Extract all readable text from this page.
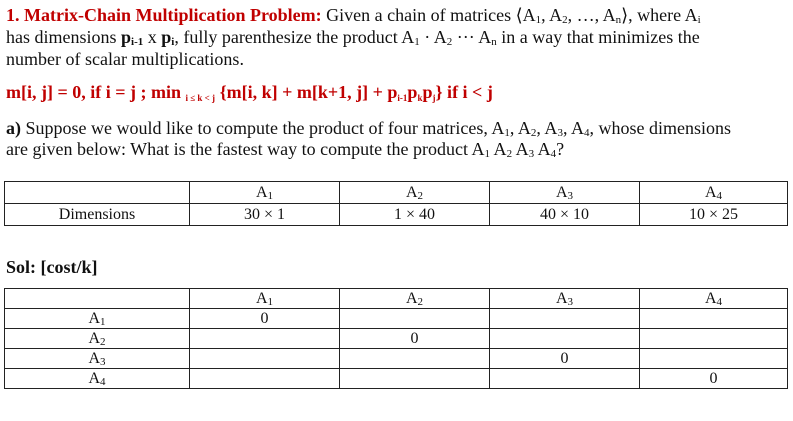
1. Matrix-Chain Multiplication Problem: Given a chain of matrices $⟨A_1$, $A_2$, …, $A_n⟩$, where $A_i$
has dimensions $p_{i-1}$ x $p_i$, fully parenthesize the product $A_1 \cdot A_2$ ··· $A_n$ in a way that minimizes the
number of scalar multiplications.
m[i, j] = 0, if i = j ; min $_{i \le k < j}$ {m[i, k] + m[k+1, $j] + p_{i-1}p_kp_j$} if i < j
a) Suppose we would like to compute the product of four matrices, $A_1$, $A_2$, $A_3$, $A_4$, whose dimensions
are given below: What is the fastest way to compute the product $A_1$ $A_2$ $A_3$ $A_4$?
	$A_1$	$A_2$	$A_3$	$A_4$
Dimensions	30 × 1	1 × 40	40 × 10	10 × 25
Sol: [cost/k]
	$A_1$	$A_2$	$A_3$	$A_4$
$A_1$	0			
$A_2$		0		
$A_3$			0	
$A_4$				0
